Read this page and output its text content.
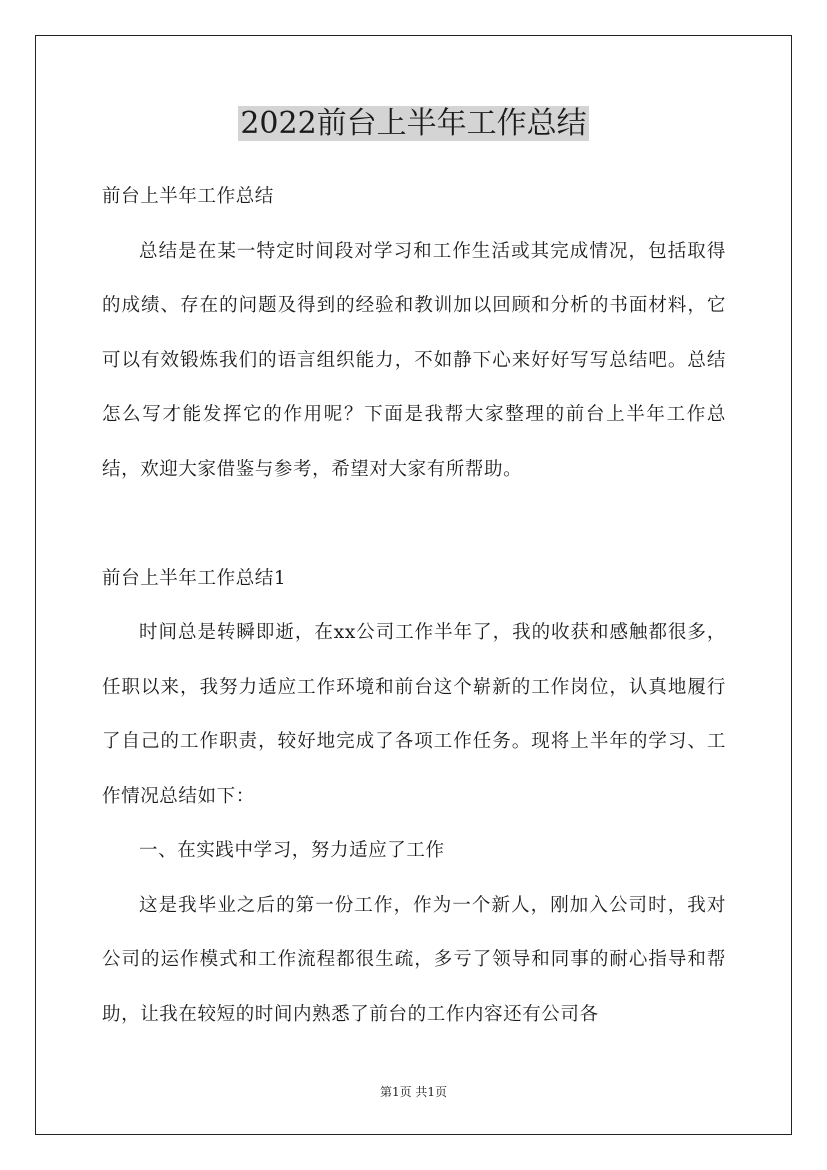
2022前台上半年工作总结

前台上半年工作总结

总结是在某一特定时间段对学习和工作生活或其完成情况，包括取得的成绩、存在的问题及得到的经验和教训加以回顾和分析的书面材料，它可以有效锻炼我们的语言组织能力，不如静下心来好好写写总结吧。总结怎么写才能发挥它的作用呢？下面是我帮大家整理的前台上半年工作总结，欢迎大家借鉴与参考，希望对大家有所帮助。

前台上半年工作总结1

时间总是转瞬即逝，在xx公司工作半年了，我的收获和感触都很多，任职以来，我努力适应工作环境和前台这个崭新的工作岗位，认真地履行了自己的工作职责，较好地完成了各项工作任务。现将上半年的学习、工作情况总结如下：

一、在实践中学习，努力适应了工作

这是我毕业之后的第一份工作，作为一个新人，刚加入公司时，我对公司的运作模式和工作流程都很生疏，多亏了领导和同事的耐心指导和帮助，让我在较短的时间内熟悉了前台的工作内容还有公司各

第1页 共1页
